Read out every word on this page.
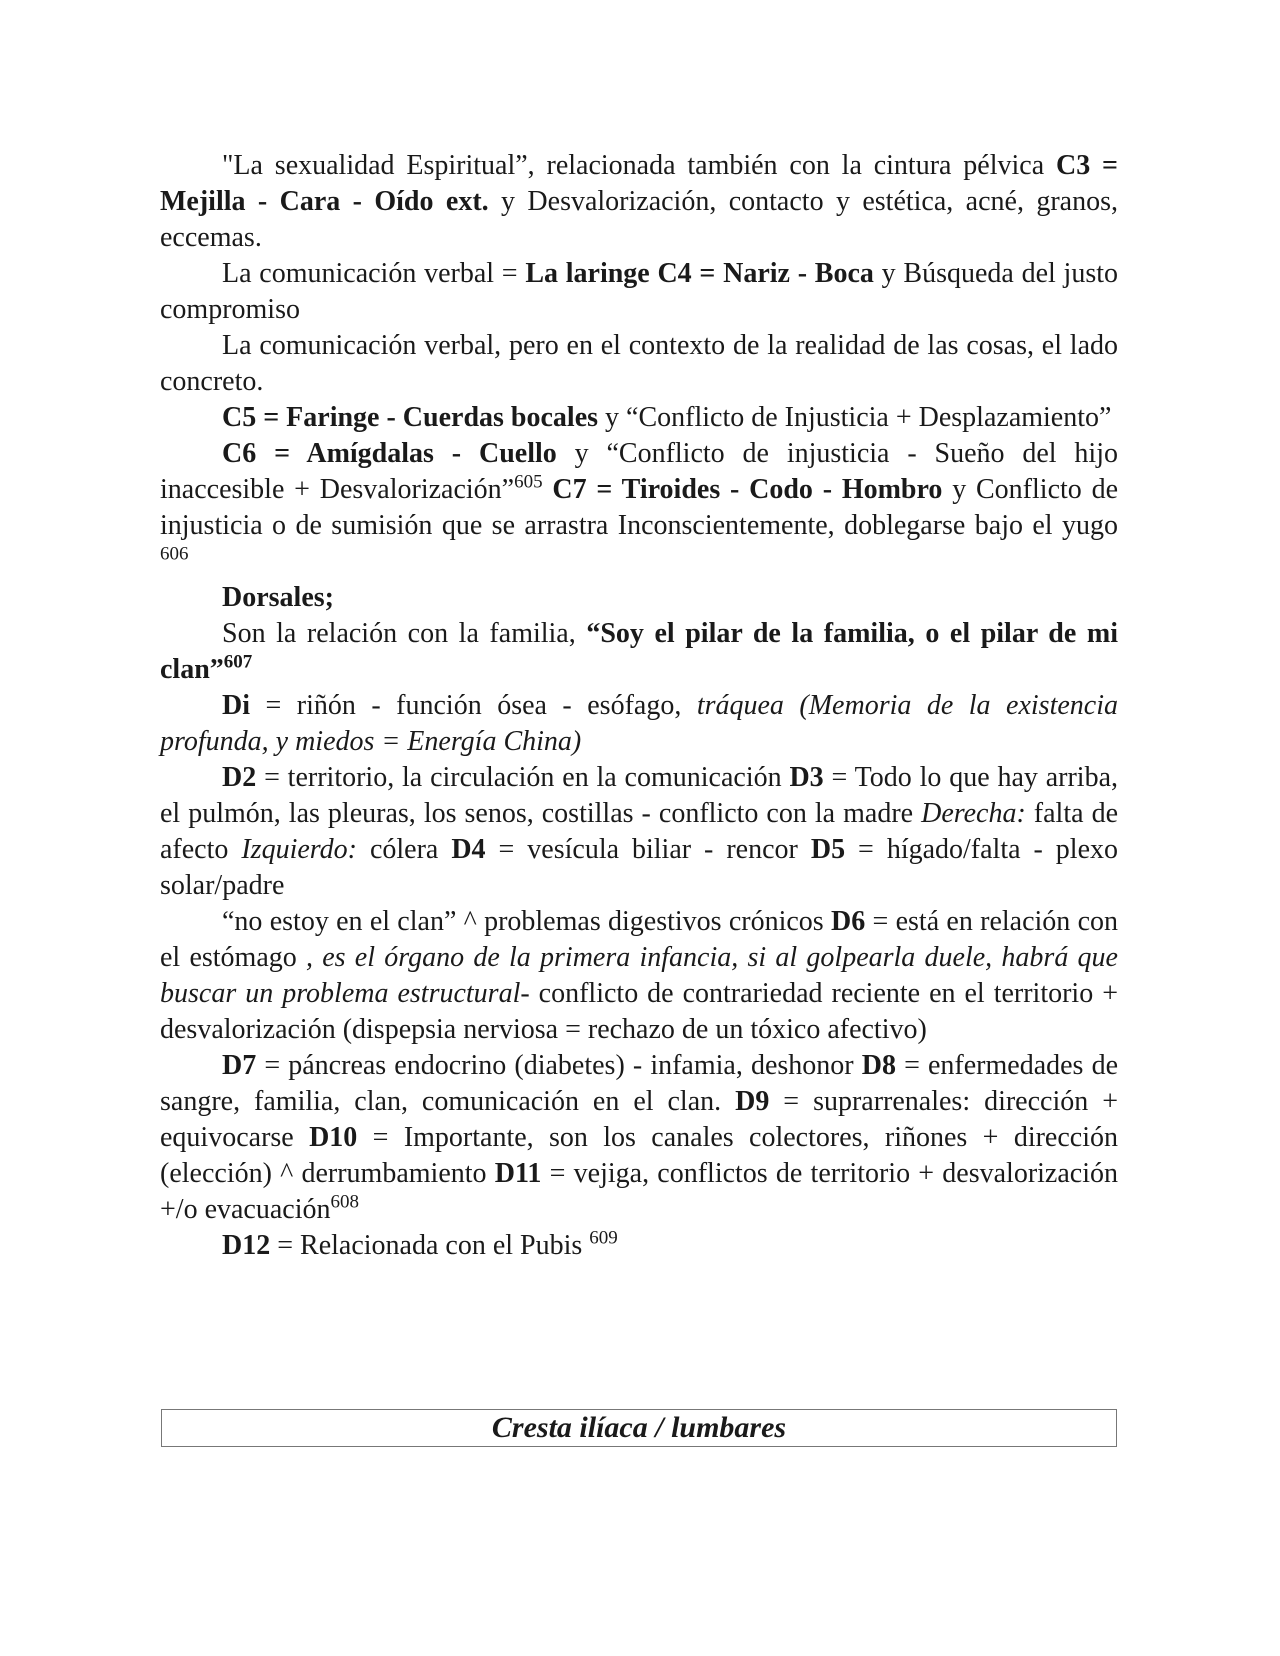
"La sexualidad Espiritual”, relacionada también con la cintura pélvica C3 = Mejilla - Cara - Oído ext. y Desvalorización, contacto y estética, acné, granos, eccemas.

La comunicación verbal = La laringe C4 = Nariz - Boca y Búsqueda del justo compromiso

La comunicación verbal, pero en el contexto de la realidad de las cosas, el lado concreto.

C5 = Faringe - Cuerdas bocales y “Conflicto de Injusticia + Desplazamiento”

C6 = Amígdalas - Cuello y “Conflicto de injusticia - Sueño del hijo inaccesible + Desvalorización”$^{605}$ C7 = Tiroides - Codo - Hombro y Conflicto de injusticia o de sumisión que se arrastra Inconscientemente, doblegarse bajo el yugo $^{606}$

Dorsales;

Son la relación con la familia, “Soy el pilar de la familia, o el pilar de mi clan”$^{607}$

Di = riñón - función ósea - esófago, tráquea (Memoria de la existencia profunda, y miedos = Energía China)

D2 = territorio, la circulación en la comunicación D3 = Todo lo que hay arriba, el pulmón, las pleuras, los senos, costillas - conflicto con la madre Derecha: falta de afecto Izquierdo: cólera D4 = vesícula biliar - rencor D5 = hígado/falta - plexo solar/padre

“no estoy en el clan” ^ problemas digestivos crónicos D6 = está en relación con el estómago , es el órgano de la primera infancia, si al golpearla duele, habrá que buscar un problema estructural- conflicto de contrariedad reciente en el territorio + desvalorización (dispepsia nerviosa = rechazo de un tóxico afectivo)

D7 = páncreas endocrino (diabetes) - infamia, deshonor D8 = enfermedades de sangre, familia, clan, comunicación en el clan. D9 = suprarrenales: dirección + equivocarse D10 = Importante, son los canales colectores, riñones + dirección (elección) ^ derrumbamiento D11 = vejiga, conflictos de territorio + desvalorización +/o evacuación$^{608}$

D12 = Relacionada con el Pubis $^{609}$

Cresta ilíaca / lumbares
